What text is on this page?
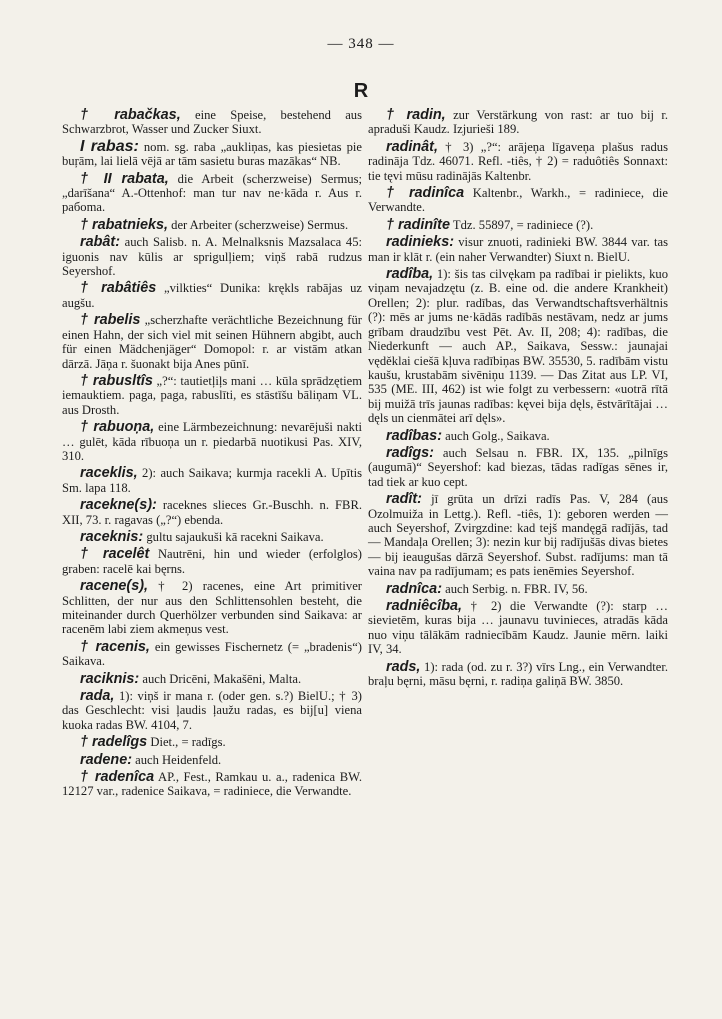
— 348 —
R

† rabačkas, eine Speise, bestehend aus Schwarzbrot, Wasser und Zucker Siuxt.

I rabas: nom. sg. raba „aukliņas, kas piesietas pie buŗām, lai lielā vējā ar tām sasietu buras mazākas“ NB.

† II rabata, die Arbeit (scherzweise) Sermus; „darīšana“ A.-Ottenhof: man tur nav ne·kāda r. Aus r. paбoma.

† rabatnieks, der Arbeiter (scherzweise) Sermus.

rabât: auch Salisb. n. A. Melnalksnis Mazsalaca 45: iguonis nav kūlis ar sprigulļiem; viņš rabā rudzus Seyershof.

† rabâtiês „vilkties“ Dunika: krękls rabājas uz augšu.

† rabelis „scherzhafte verächtliche Bezeichnung für einen Hahn, der sich viel mit seinen Hühnern abgibt, auch für einen Mädchenjäger“ Domopol: r. ar vistām atkan dārzā. Jāņa r. šuonakt bija Anes pūnī.

† rabusltîs „?“: tautietļiļs mani … kūla sprādzętiem iemauktiem. paga, paga, rabuslīti, es stāstīšu bāliņam VL. aus Drosth.

† rabuoņa, eine Lärmbezeichnung: nevarējuši nakti … gulēt, kāda rībuoņa un r. piedarbā nuotikusi Pas. XIV, 310.

raceklis, 2): auch Saikava; kurmja racekli A. Upītis Sm. lapa 118.

racekne(s): raceknes slieces Gr.-Buschh. n. FBR. XII, 73. r. ragavas („?“) ebenda.

raceknis: gultu sajaukuši kā racekni Saikava.

† racelêt Nautrēni, hin und wieder (erfolglos) graben: racelē kai bęrns.

racene(s), † 2) racenes, eine Art primitiver Schlitten, der nur aus den Schlittensohlen besteht, die miteinander durch Querhölzer verbunden sind Saikava: ar racenēm labi ziem akmeņus vest.

† racenis, ein gewisses Fischernetz (= „bradenis“) Saikava.

raciknis: auch Dricēni, Makašēni, Malta.

rada, 1): viņš ir mana r. (oder gen. s.?) BielU.; † 3) das Geschlecht: visi ļaudis ļaužu radas, es bij[u] viena kuoka radas BW. 4104, 7.

† radelîgs Diet., = radīgs.

radene: auch Heidenfeld.

† radenîca AP., Fest., Ramkau u. a., radenica BW. 12127 var., radenice Saikava, = radiniece, die Verwandte.

† radin, zur Verstärkung von rast: ar tuo bij r. apraduši Kaudz. Izjurieši 189.

radinât, † 3) „?“: arājeņa līgaveņa plašus radus radināja Tdz. 46071. Refl. -tiês, † 2) = raduôtiês Sonnaxt: tie tęvi mūsu radinājās Kaltenbr.

† radinîca Kaltenbr., Warkh., = radiniece, die Verwandte.

† radinîte Tdz. 55897, = radiniece (?).

radinieks: visur znuoti, radinieki BW. 3844 var. tas man ir klāt r. (ein naher Verwandter) Siuxt n. BielU.

radîba, 1): šis tas cilvękam pa radībai ir pielikts, kuo viņam nevajadzętu (z. B. eine od. die andere Krankheit) Orellen; 2): plur. radības, das Verwandtschaftsverhältnis (?): mēs ar jums ne·kādās radībās nestāvam, nedz ar jums grībam draudzību vest Pēt. Av. II, 208; 4): radības, die Niederkunft — auch AP., Saikava, Sessw.: jaunajai vęděklai ciešā kļuva radībiņas BW. 35530, 5. radībām vistu kaušu, krustabām sivēniņu 1139. — Das Zitat aus LP. VI, 535 (ME. III, 462) ist wie folgt zu verbessern: «uotrā rītā bij muižā trīs jaunas radības: kęvei bija dęls, ēstvārītājai … dęls un cienmātei arī dęls».

radîbas: auch Golg., Saikava.

radîgs: auch Selsau n. FBR. IX, 135. „pilnīgs (augumā)“ Seyershof: kad biezas, tādas radīgas sēnes ir, tad tiek ar kuo cept.

radît: jī grūta un drīzi radīs Pas. V, 284 (aus Ozolmuiža in Lettg.). Refl. -tiês, 1): geboren werden — auch Seyershof, Zvirgzdine: kad tejš mandęgā radījās, tad — Mandaļa Orellen; 3): nezin kur bij radījušās divas bietes — bij ieaugušas dārzā Seyershof. Subst. radījums: man tā vaina nav pa radījumam; es pats ienēmies Seyershof.

radnîca: auch Serbig. n. FBR. IV, 56.

radniêcîba, † 2) die Verwandte (?): starp … sievietēm, kuras bija … jaunavu tuvinieces, atradās kāda nuo viņu tālākām radniecībām Kaudz. Jaunie mērn. laiki IV, 34.

rads, 1): rada (od. zu r. 3?) vīrs Lng., ein Verwandter. braļu bęrni, māsu bęrni, r. radiņa galiņā BW. 3850.
